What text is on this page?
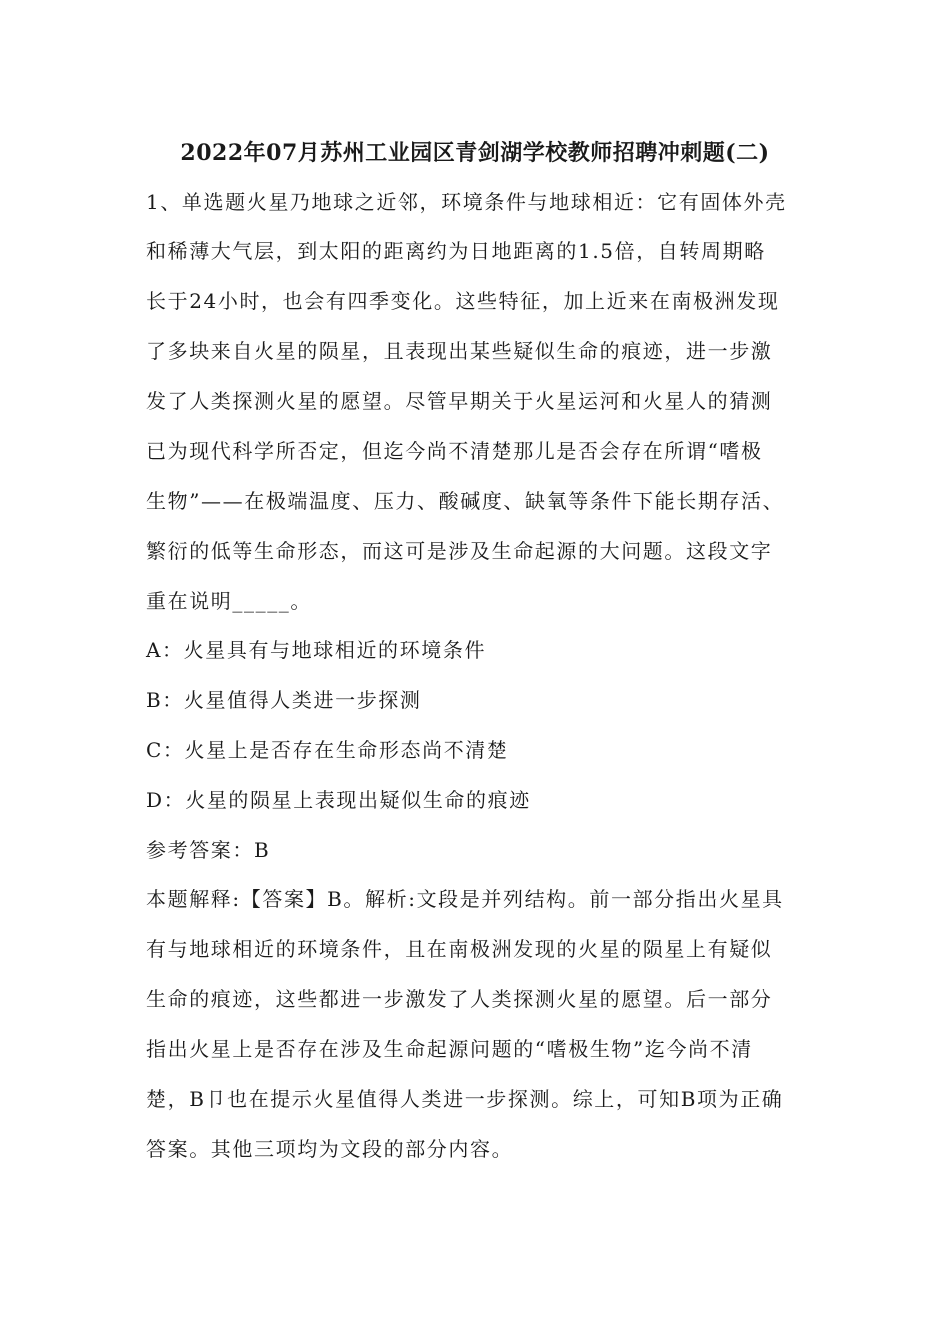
2022年07月苏州工业园区青剑湖学校教师招聘冲刺题(二)
1、单选题火星乃地球之近邻，环境条件与地球相近：它有固体外壳
和稀薄大气层，到太阳的距离约为日地距离的1.5倍，自转周期略
长于24小时，也会有四季变化。这些特征，加上近来在南极洲发现
了多块来自火星的陨星，且表现出某些疑似生命的痕迹，进一步激
发了人类探测火星的愿望。尽管早期关于火星运河和火星人的猜测
已为现代科学所否定，但迄今尚不清楚那儿是否会存在所谓“嗜极
生物”——在极端温度、压力、酸碱度、缺氧等条件下能长期存活、
繁衍的低等生命形态，而这可是涉及生命起源的大问题。这段文字
重在说明_____。
A：火星具有与地球相近的环境条件
B：火星值得人类进一步探测
C：火星上是否存在生命形态尚不清楚
D：火星的陨星上表现出疑似生命的痕迹
参考答案：B
本题解释:【答案】B。解析:文段是并列结构。前一部分指出火星具
有与地球相近的环境条件，且在南极洲发现的火星的陨星上有疑似
生命的痕迹，这些都进一步激发了人类探测火星的愿望。后一部分
指出火星上是否存在涉及生命起源问题的“嗜极生物”迄今尚不清
楚，B卩也在提示火星值得人类进一步探测。综上，可知B项为正确
答案。其他三项均为文段的部分内容。
